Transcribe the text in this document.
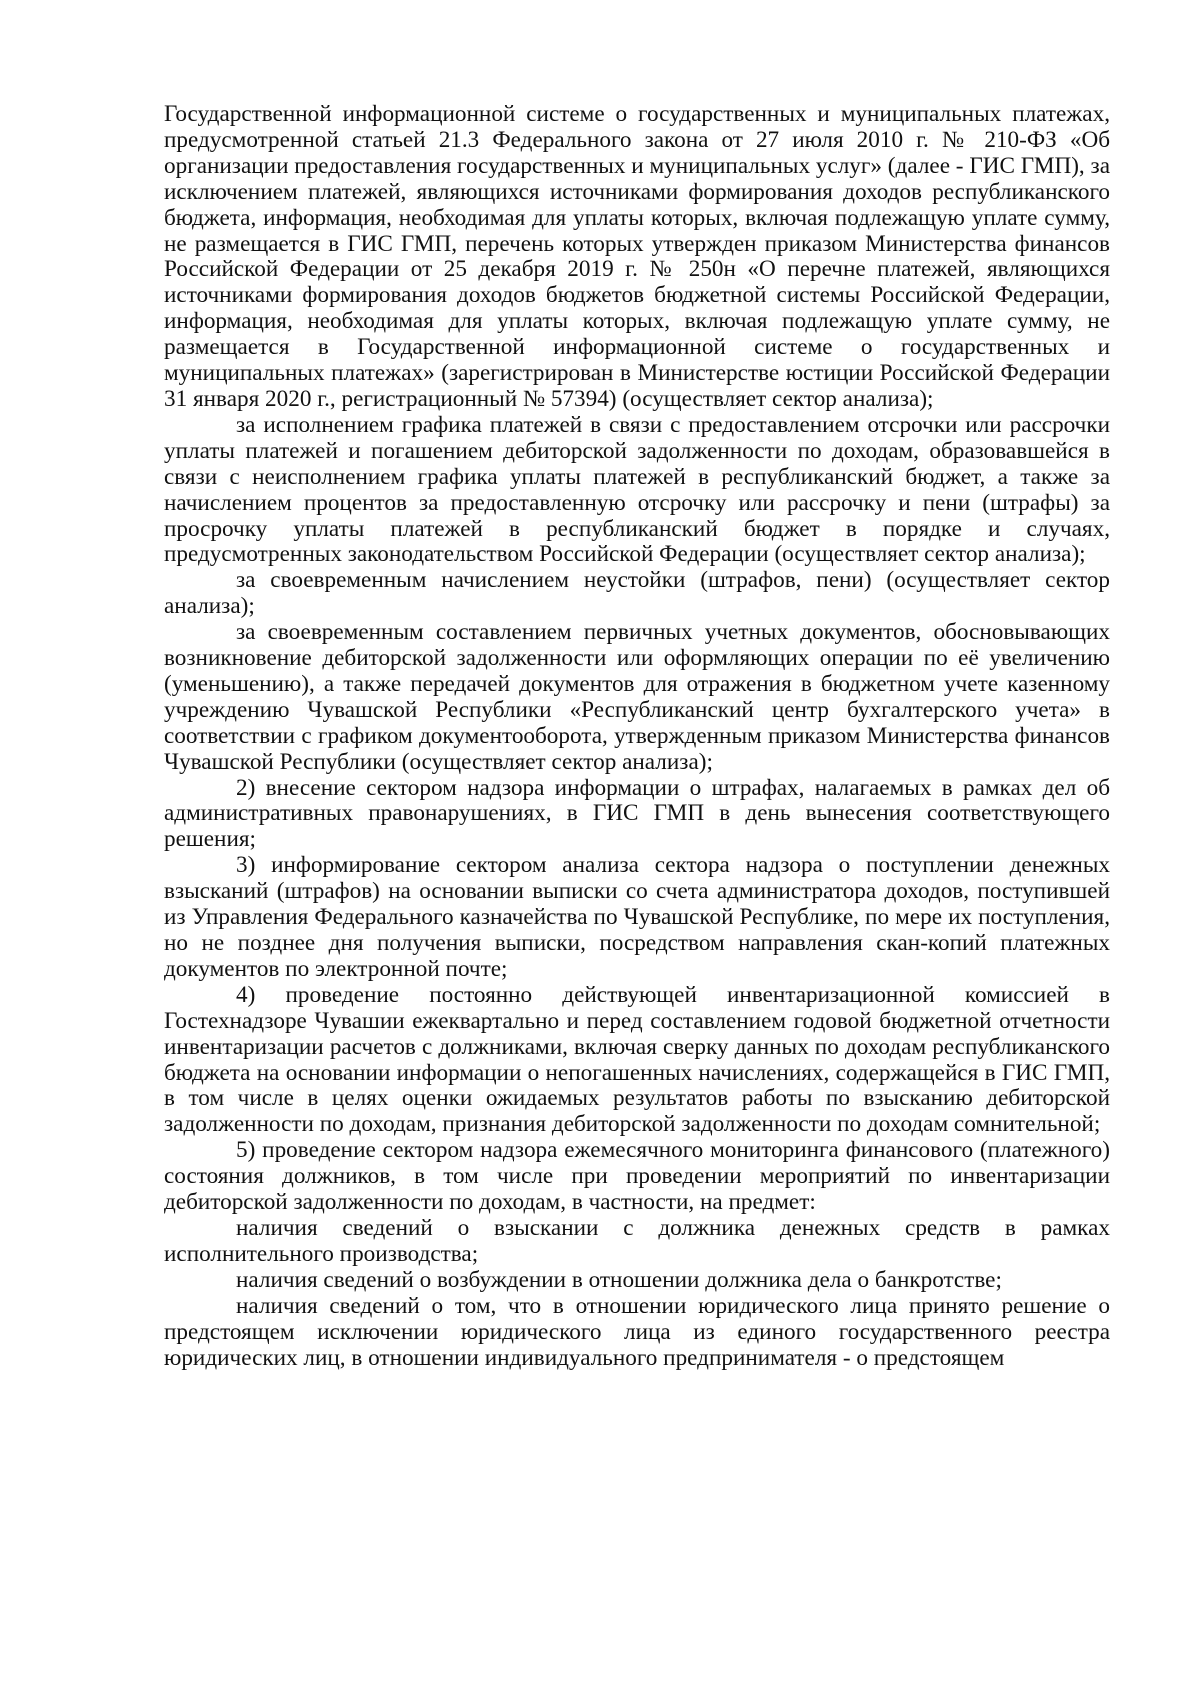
Государственной информационной системе о государственных и муниципальных платежах, предусмотренной статьей 21.3 Федерального закона от 27 июля 2010 г. № 210-ФЗ «Об организации предоставления государственных и муниципальных услуг» (далее - ГИС ГМП), за исключением платежей, являющихся источниками формирования доходов республиканского бюджета, информация, необходимая для уплаты которых, включая подлежащую уплате сумму, не размещается в ГИС ГМП, перечень которых утвержден приказом Министерства финансов Российской Федерации от 25 декабря 2019 г. № 250н «О перечне платежей, являющихся источниками формирования доходов бюджетов бюджетной системы Российской Федерации, информация, необходимая для уплаты которых, включая подлежащую уплате сумму, не размещается в Государственной информационной системе о государственных и муниципальных платежах» (зарегистрирован в Министерстве юстиции Российской Федерации 31 января 2020 г., регистрационный № 57394) (осуществляет сектор анализа);

за исполнением графика платежей в связи с предоставлением отсрочки или рассрочки уплаты платежей и погашением дебиторской задолженности по доходам, образовавшейся в связи с неисполнением графика уплаты платежей в республиканский бюджет, а также за начислением процентов за предоставленную отсрочку или рассрочку и пени (штрафы) за просрочку уплаты платежей в республиканский бюджет в порядке и случаях, предусмотренных законодательством Российской Федерации (осуществляет сектор анализа);

за своевременным начислением неустойки (штрафов, пени) (осуществляет сектор анализа);

за своевременным составлением первичных учетных документов, обосновывающих возникновение дебиторской задолженности или оформляющих операции по её увеличению (уменьшению), а также передачей документов для отражения в бюджетном учете казенному учреждению Чувашской Республики «Республиканский центр бухгалтерского учета» в соответствии с графиком документооборота, утвержденным приказом Министерства финансов Чувашской Республики (осуществляет сектор анализа);

2) внесение сектором надзора информации о штрафах, налагаемых в рамках дел об административных правонарушениях, в ГИС ГМП в день вынесения соответствующего решения;

3) информирование сектором анализа сектора надзора о поступлении денежных взысканий (штрафов) на основании выписки со счета администратора доходов, поступившей из Управления Федерального казначейства по Чувашской Республике, по мере их поступления, но не позднее дня получения выписки, посредством направления скан-копий платежных документов по электронной почте;

4) проведение постоянно действующей инвентаризационной комиссией в Гостехнадзоре Чувашии ежеквартально и перед составлением годовой бюджетной отчетности инвентаризации расчетов с должниками, включая сверку данных по доходам республиканского бюджета на основании информации о непогашенных начислениях, содержащейся в ГИС ГМП, в том числе в целях оценки ожидаемых результатов работы по взысканию дебиторской задолженности по доходам, признания дебиторской задолженности по доходам сомнительной;

5) проведение сектором надзора ежемесячного мониторинга финансового (платежного) состояния должников, в том числе при проведении мероприятий по инвентаризации дебиторской задолженности по доходам, в частности, на предмет:

наличия сведений о взыскании с должника денежных средств в рамках исполнительного производства;

наличия сведений о возбуждении в отношении должника дела о банкротстве;

наличия сведений о том, что в отношении юридического лица принято решение о предстоящем исключении юридического лица из единого государственного реестра юридических лиц, в отношении индивидуального предпринимателя - о предстоящем
